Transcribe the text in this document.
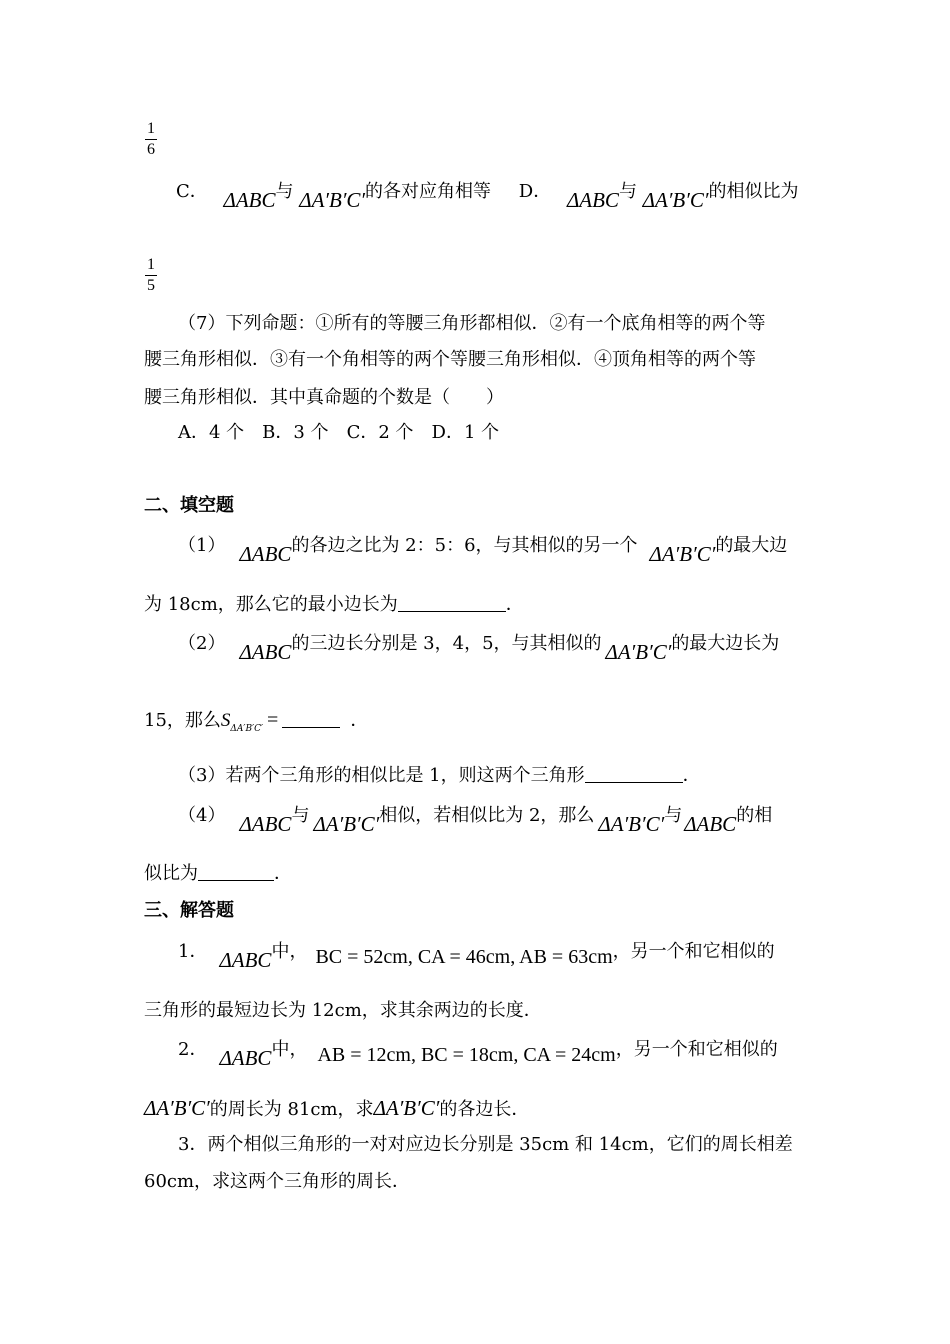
1
6
C． ΔABC与 ΔA′B′C′的各对应角相等 D． ΔABC与 ΔA′B′C′的相似比为
1
5
（7）下列命题：①所有的等腰三角形都相似．②有一个底角相等的两个等
腰三角形相似．③有一个角相等的两个等腰三角形相似．④顶角相等的两个等
腰三角形相似．其中真命题的个数是（　　）
A．4 个　B．3 个　C．2 个　D．1 个
二、填空题
（1） ΔABC的各边之比为 2：5：6，与其相似的另一个 ΔA′B′C′的最大边
为 18cm，那么它的最小边长为	．
（2） ΔABC的三边长分别是 3，4，5，与其相似的 ΔA′B′C′的最大边长为
15，那么$S_{\Delta A'B'C'}$ =	．
（3）若两个三角形的相似比是 1，则这两个三角形	．
（4） ΔABC与 ΔA′B′C′相似，若相似比为 2，那么 ΔA′B′C′与ΔABC的相
似比为	．
三、解答题
1． ΔABC中， BC = 52cm, CA = 46cm, AB = 63cm，另一个和它相似的
三角形的最短边长为 12cm，求其余两边的长度．
2． ΔABC中， AB = 12cm, BC = 18cm, CA = 24cm，另一个和它相似的
ΔA′B′C′的周长为 81cm，求ΔA′B′C′的各边长．
3．两个相似三角形的一对对应边长分别是 35cm 和 14cm，它们的周长相差
60cm，求这两个三角形的周长．
